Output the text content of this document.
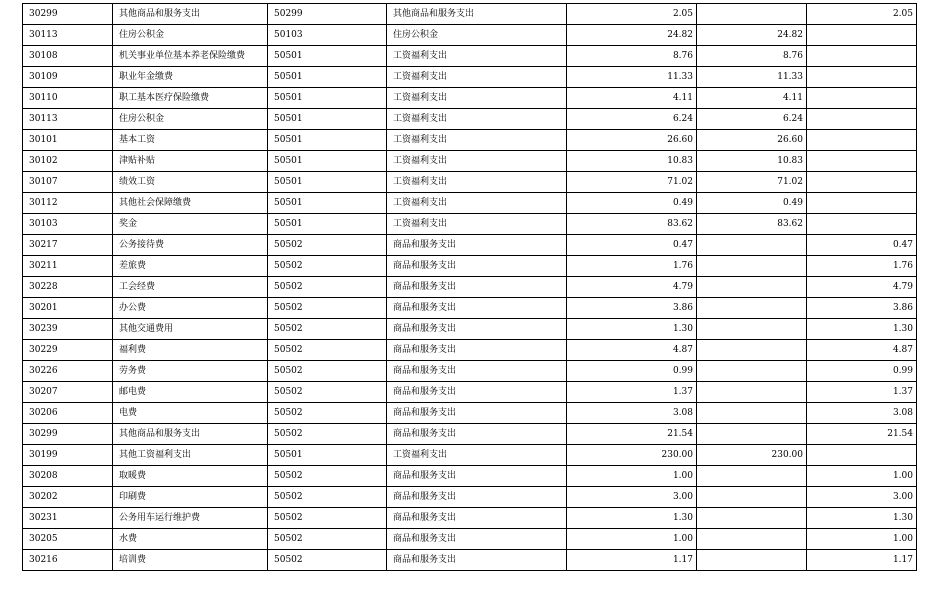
30299	其他商品和服务支出	50299	其他商品和服务支出	2.05		2.05
30113	住房公积金	50103	住房公积金	24.82	24.82	
30108	机关事业单位基本养老保险缴费	50501	工资福利支出	8.76	8.76	
30109	职业年金缴费	50501	工资福利支出	11.33	11.33	
30110	职工基本医疗保险缴费	50501	工资福利支出	4.11	4.11	
30113	住房公积金	50501	工资福利支出	6.24	6.24	
30101	基本工资	50501	工资福利支出	26.60	26.60	
30102	津贴补贴	50501	工资福利支出	10.83	10.83	
30107	绩效工资	50501	工资福利支出	71.02	71.02	
30112	其他社会保障缴费	50501	工资福利支出	0.49	0.49	
30103	奖金	50501	工资福利支出	83.62	83.62	
30217	公务接待费	50502	商品和服务支出	0.47		0.47
30211	差旅费	50502	商品和服务支出	1.76		1.76
30228	工会经费	50502	商品和服务支出	4.79		4.79
30201	办公费	50502	商品和服务支出	3.86		3.86
30239	其他交通费用	50502	商品和服务支出	1.30		1.30
30229	福利费	50502	商品和服务支出	4.87		4.87
30226	劳务费	50502	商品和服务支出	0.99		0.99
30207	邮电费	50502	商品和服务支出	1.37		1.37
30206	电费	50502	商品和服务支出	3.08		3.08
30299	其他商品和服务支出	50502	商品和服务支出	21.54		21.54
30199	其他工资福利支出	50501	工资福利支出	230.00	230.00	
30208	取暖费	50502	商品和服务支出	1.00		1.00
30202	印刷费	50502	商品和服务支出	3.00		3.00
30231	公务用车运行维护费	50502	商品和服务支出	1.30		1.30
30205	水费	50502	商品和服务支出	1.00		1.00
30216	培训费	50502	商品和服务支出	1.17		1.17
